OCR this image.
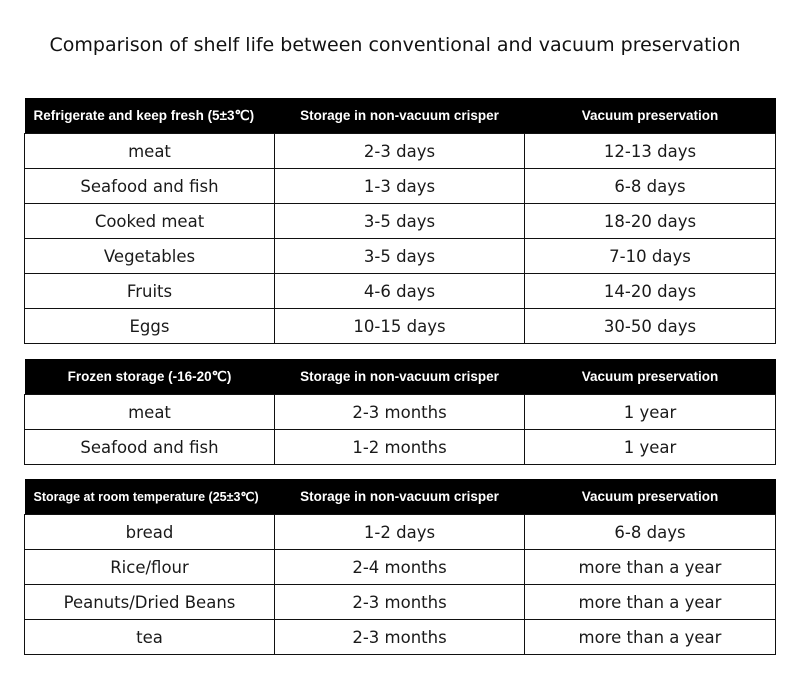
Comparison of shelf life between conventional and vacuum preservation
Refrigerate and keep fresh (5±3℃)	Storage in non-vacuum crisper	Vacuum preservation
meat	2-3 days	12-13 days
Seafood and fish	1-3 days	6-8 days
Cooked meat	3-5 days	18-20 days
Vegetables	3-5 days	7-10 days
Fruits	4-6 days	14-20 days
Eggs	10-15 days	30-50 days
Frozen storage (-16-20℃)	Storage in non-vacuum crisper	Vacuum preservation
meat	2-3 months	1 year
Seafood and fish	1-2 months	1 year
Storage at room temperature (25±3℃)	Storage in non-vacuum crisper	Vacuum preservation
bread	1-2 days	6-8 days
Rice/flour	2-4 months	more than a year
Peanuts/Dried Beans	2-3 months	more than a year
tea	2-3 months	more than a year
